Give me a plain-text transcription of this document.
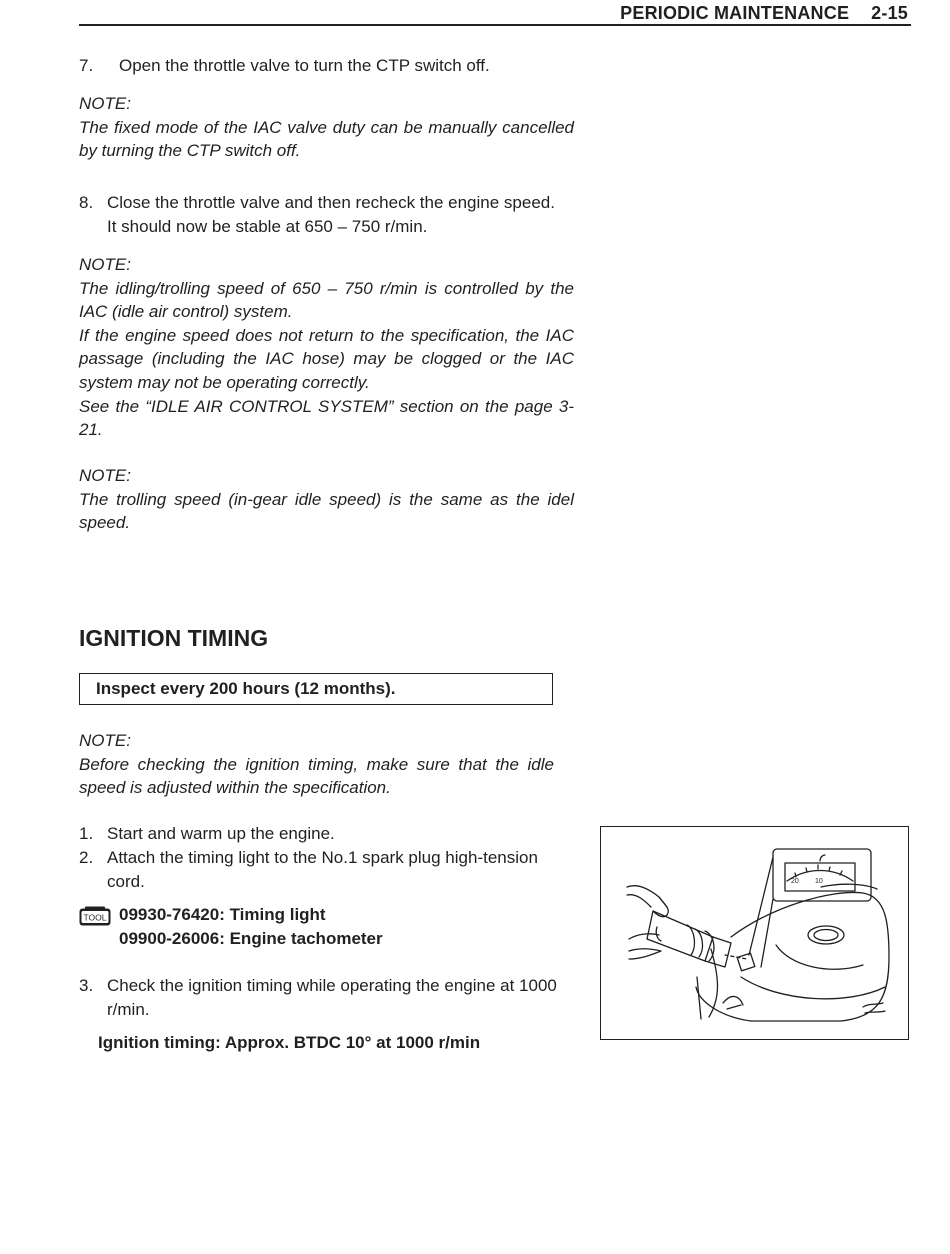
PERIODIC MAINTENANCE 2-15
7. Open the throttle valve to turn the CTP switch off.
NOTE:
The fixed mode of the IAC valve duty can be manually cancelled
by turning the CTP switch off.
8. Close the throttle valve and then recheck the engine speed.
It should now be stable at 650 – 750 r/min.
NOTE:
The idling/trolling speed of 650 – 750 r/min is controlled by the
IAC (idle air control) system.
If the engine speed does not return to the specification, the IAC
passage (including the IAC hose) may be clogged or the IAC
system may not be operating correctly.
See the “IDLE AIR CONTROL SYSTEM” section on the page 3-
21.
NOTE:
The trolling speed (in-gear idle speed) is the same as the idel
speed.
IGNITION TIMING
Inspect every 200 hours (12 months).
NOTE:
Before checking the ignition timing, make sure that the idle
speed is adjusted within the specification.
1. Start and warm up the engine.
2. Attach the timing light to the No.1 spark plug high-tension
cord.
TOOL 09930-76420: Timing light
09900-26006: Engine tachometer
3. Check the ignition timing while operating the engine at 1000
r/min.
Ignition timing: Approx. BTDC 10° at 1000 r/min
20 10
